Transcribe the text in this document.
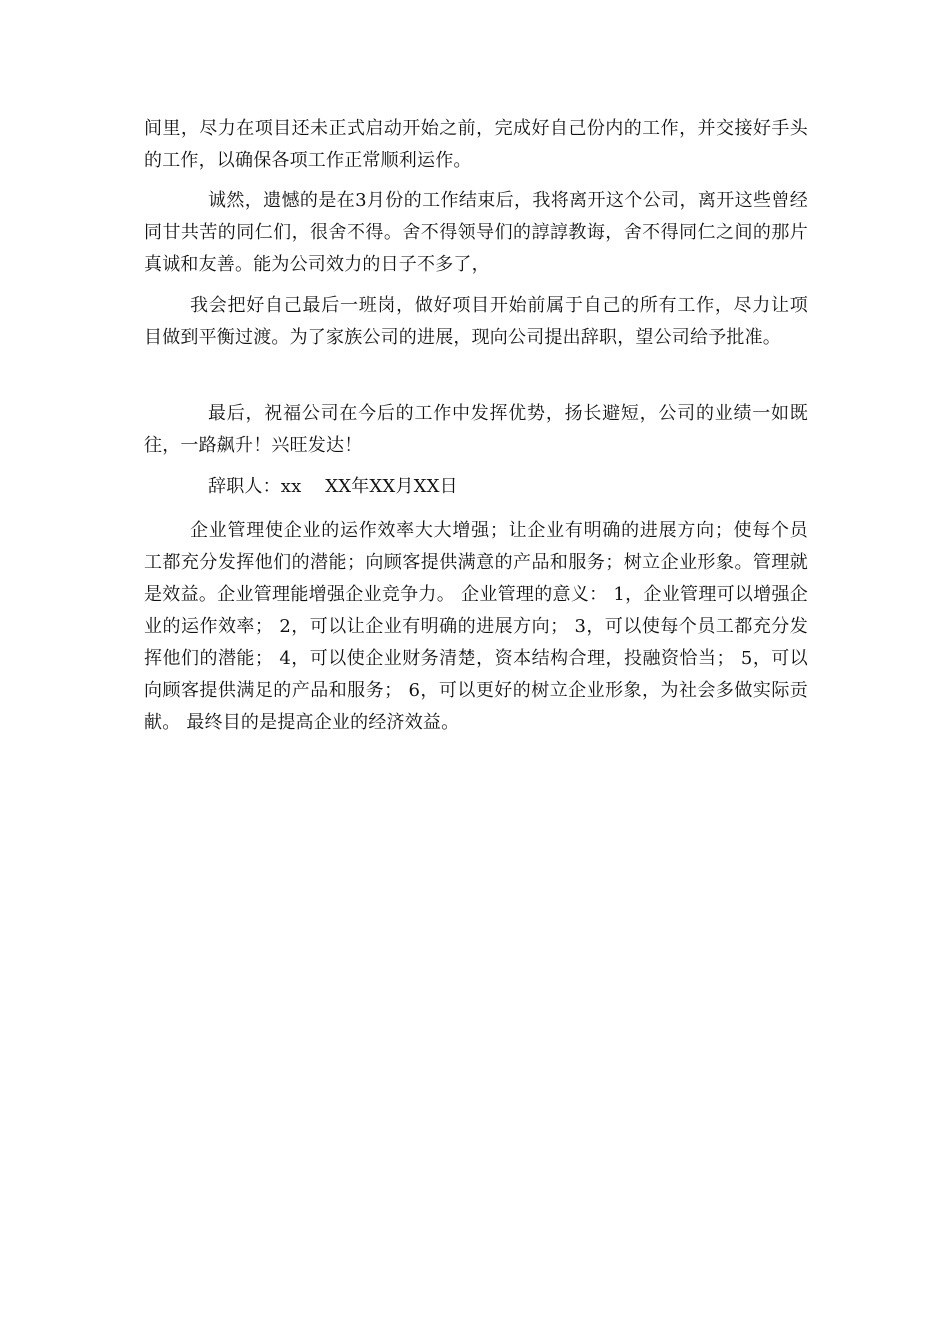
间里，尽力在项目还未正式启动开始之前，完成好自己份内的工作，并交接好手头的工作，以确保各项工作正常顺利运作。

诚然，遗憾的是在3月份的工作结束后，我将离开这个公司，离开这些曾经同甘共苦的同仁们，很舍不得。舍不得领导们的諄諄教诲，舍不得同仁之间的那片真诚和友善。能为公司效力的日子不多了，

我会把好自己最后一班岗，做好项目开始前属于自己的所有工作，尽力让项目做到平衡过渡。为了家族公司的进展，现向公司提出辞职，望公司给予批准。

最后，祝福公司在今后的工作中发挥优势，扬长避短，公司的业绩一如既往，一路飙升！兴旺发达！

辞职人：xx    XX年XX月XX日

企业管理使企业的运作效率大大增强；让企业有明确的进展方向；使每个员工都充分发挥他们的潜能；向顾客提供满意的产品和服务；树立企业形象。管理就是效益。企业管理能增强企业竞争力。 企业管理的意义： 1，企业管理可以增强企业的运作效率； 2，可以让企业有明确的进展方向； 3，可以使每个员工都充分发挥他们的潜能； 4，可以使企业财务清楚，资本结构合理，投融资恰当； 5，可以向顾客提供满足的产品和服务； 6，可以更好的树立企业形象，为社会多做实际贡献。 最终目的是提高企业的经济效益。
